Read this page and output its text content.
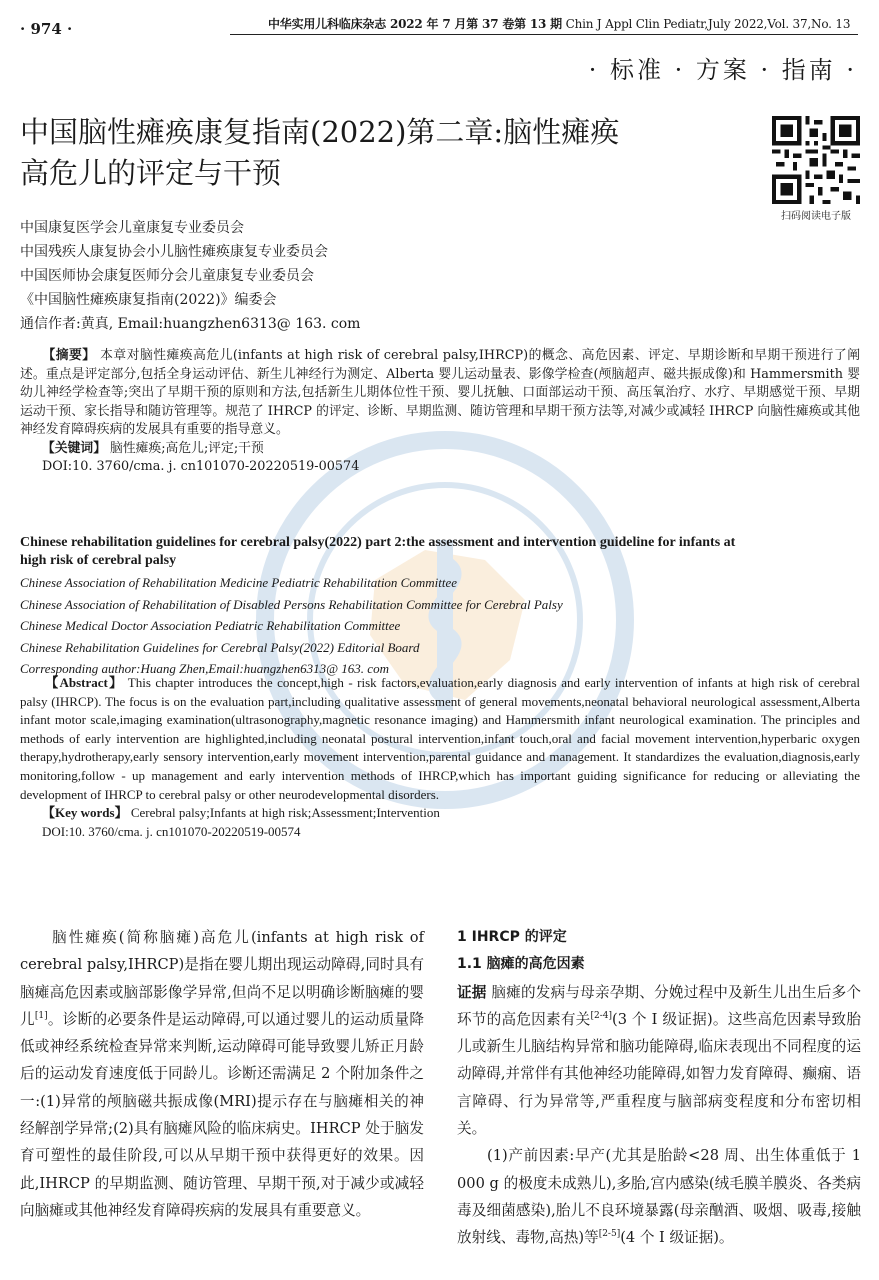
· 974 ·	中华实用儿科临床杂志 2022 年 7 月第 37 卷第 13 期 Chin J Appl Clin Pediatr,July 2022,Vol. 37,No. 13
· 标准 · 方案 · 指南 ·
中国脑性瘫痪康复指南(2022)第二章:脑性瘫痪
高危儿的评定与干预
扫码阅读电子版
中国康复医学会儿童康复专业委员会
中国残疾人康复协会小儿脑性瘫痪康复专业委员会
中国医师协会康复医师分会儿童康复专业委员会
《中国脑性瘫痪康复指南(2022)》编委会
通信作者:黄真, Email:huangzhen6313@ 163. com
【摘要】 本章对脑性瘫痪高危儿(infants at high risk of cerebral palsy,IHRCP)的概念、高危因素、评定、早期诊断和早期干预进行了阐述。重点是评定部分,包括全身运动评估、新生儿神经行为测定、Alberta 婴儿运动量表、影像学检查(颅脑超声、磁共振成像)和 Hammersmith 婴幼儿神经学检查等;突出了早期干预的原则和方法,包括新生儿期体位性干预、婴儿抚触、口面部运动干预、高压氧治疗、水疗、早期感觉干预、早期运动干预、家长指导和随访管理等。规范了 IHRCP 的评定、诊断、早期监测、随访管理和早期干预方法等,对减少或减轻 IHRCP 向脑性瘫痪或其他神经发育障碍疾病的发展具有重要的指导意义。
【关键词】 脑性瘫痪;高危儿;评定;干预
DOI:10. 3760/cma. j. cn101070-20220519-00574
Chinese rehabilitation guidelines for cerebral palsy(2022) part 2:the assessment and intervention guideline for infants at high risk of cerebral palsy
Chinese Association of Rehabilitation Medicine Pediatric Rehabilitation Committee
Chinese Association of Rehabilitation of Disabled Persons Rehabilitation Committee for Cerebral Palsy
Chinese Medical Doctor Association Pediatric Rehabilitation Committee
Chinese Rehabilitation Guidelines for Cerebral Palsy(2022) Editorial Board
Corresponding author:Huang Zhen,Email:huangzhen6313@ 163. com
【Abstract】 This chapter introduces the concept,high - risk factors,evaluation,early diagnosis and early intervention of infants at high risk of cerebral palsy (IHRCP). The focus is on the evaluation part,including qualitative assessment of general movements,neonatal behavioral neurological assessment,Alberta infant motor scale,imaging examination(ultrasonography,magnetic resonance imaging) and Hammersmith infant neurological examination. The principles and methods of early intervention are highlighted,including neonatal postural intervention,infant touch,oral and facial movement intervention,hyperbaric oxygen therapy,hydrotherapy,early sensory intervention,early movement intervention,parental guidance and management. It standardizes the evaluation,diagnosis,early monitoring,follow - up management and early intervention methods of IHRCP,which has important guiding significance for reducing or alleviating the development of IHRCP to cerebral palsy or other neurodevelopmental disorders.
【Key words】 Cerebral palsy;Infants at high risk;Assessment;Intervention
DOI:10. 3760/cma. j. cn101070-20220519-00574

脑性瘫痪(简称脑瘫)高危儿(infants at high risk of cerebral palsy,IHRCP)是指在婴儿期出现运动障碍,同时具有脑瘫高危因素或脑部影像学异常,但尚不足以明确诊断脑瘫的婴儿[1]。诊断的必要条件是运动障碍,可以通过婴儿的运动质量降低或神经系统检查异常来判断,运动障碍可能导致婴儿矫正月龄后的运动发育速度低于同龄儿。诊断还需满足 2 个附加条件之一:(1)异常的颅脑磁共振成像(MRI)提示存在与脑瘫相关的神经解剖学异常;(2)具有脑瘫风险的临床病史。IHRCP 处于脑发育可塑性的最佳阶段,可以从早期干预中获得更好的效果。因此,IHRCP 的早期监测、随访管理、早期干预,对于减少或减轻向脑瘫或其他神经发育障碍疾病的发展具有重要意义。

1 IHRCP 的评定
1.1 脑瘫的高危因素

证据 脑瘫的发病与母亲孕期、分娩过程中及新生儿出生后多个环节的高危因素有关[2-4](3 个 Ⅰ 级证据)。这些高危因素导致胎儿或新生儿脑结构异常和脑功能障碍,临床表现出不同程度的运动障碍,并常伴有其他神经功能障碍,如智力发育障碍、癫痫、语言障碍、行为异常等,严重程度与脑部病变程度和分布密切相关。

(1)产前因素:早产(尤其是胎龄<28 周、出生体重低于 1 000 g 的极度未成熟儿),多胎,宫内感染(绒毛膜羊膜炎、各类病毒及细菌感染),胎儿不良环境暴露(母亲酗酒、吸烟、吸毒,接触放射线、毒物,高热)等[2-5](4 个 Ⅰ 级证据)。
